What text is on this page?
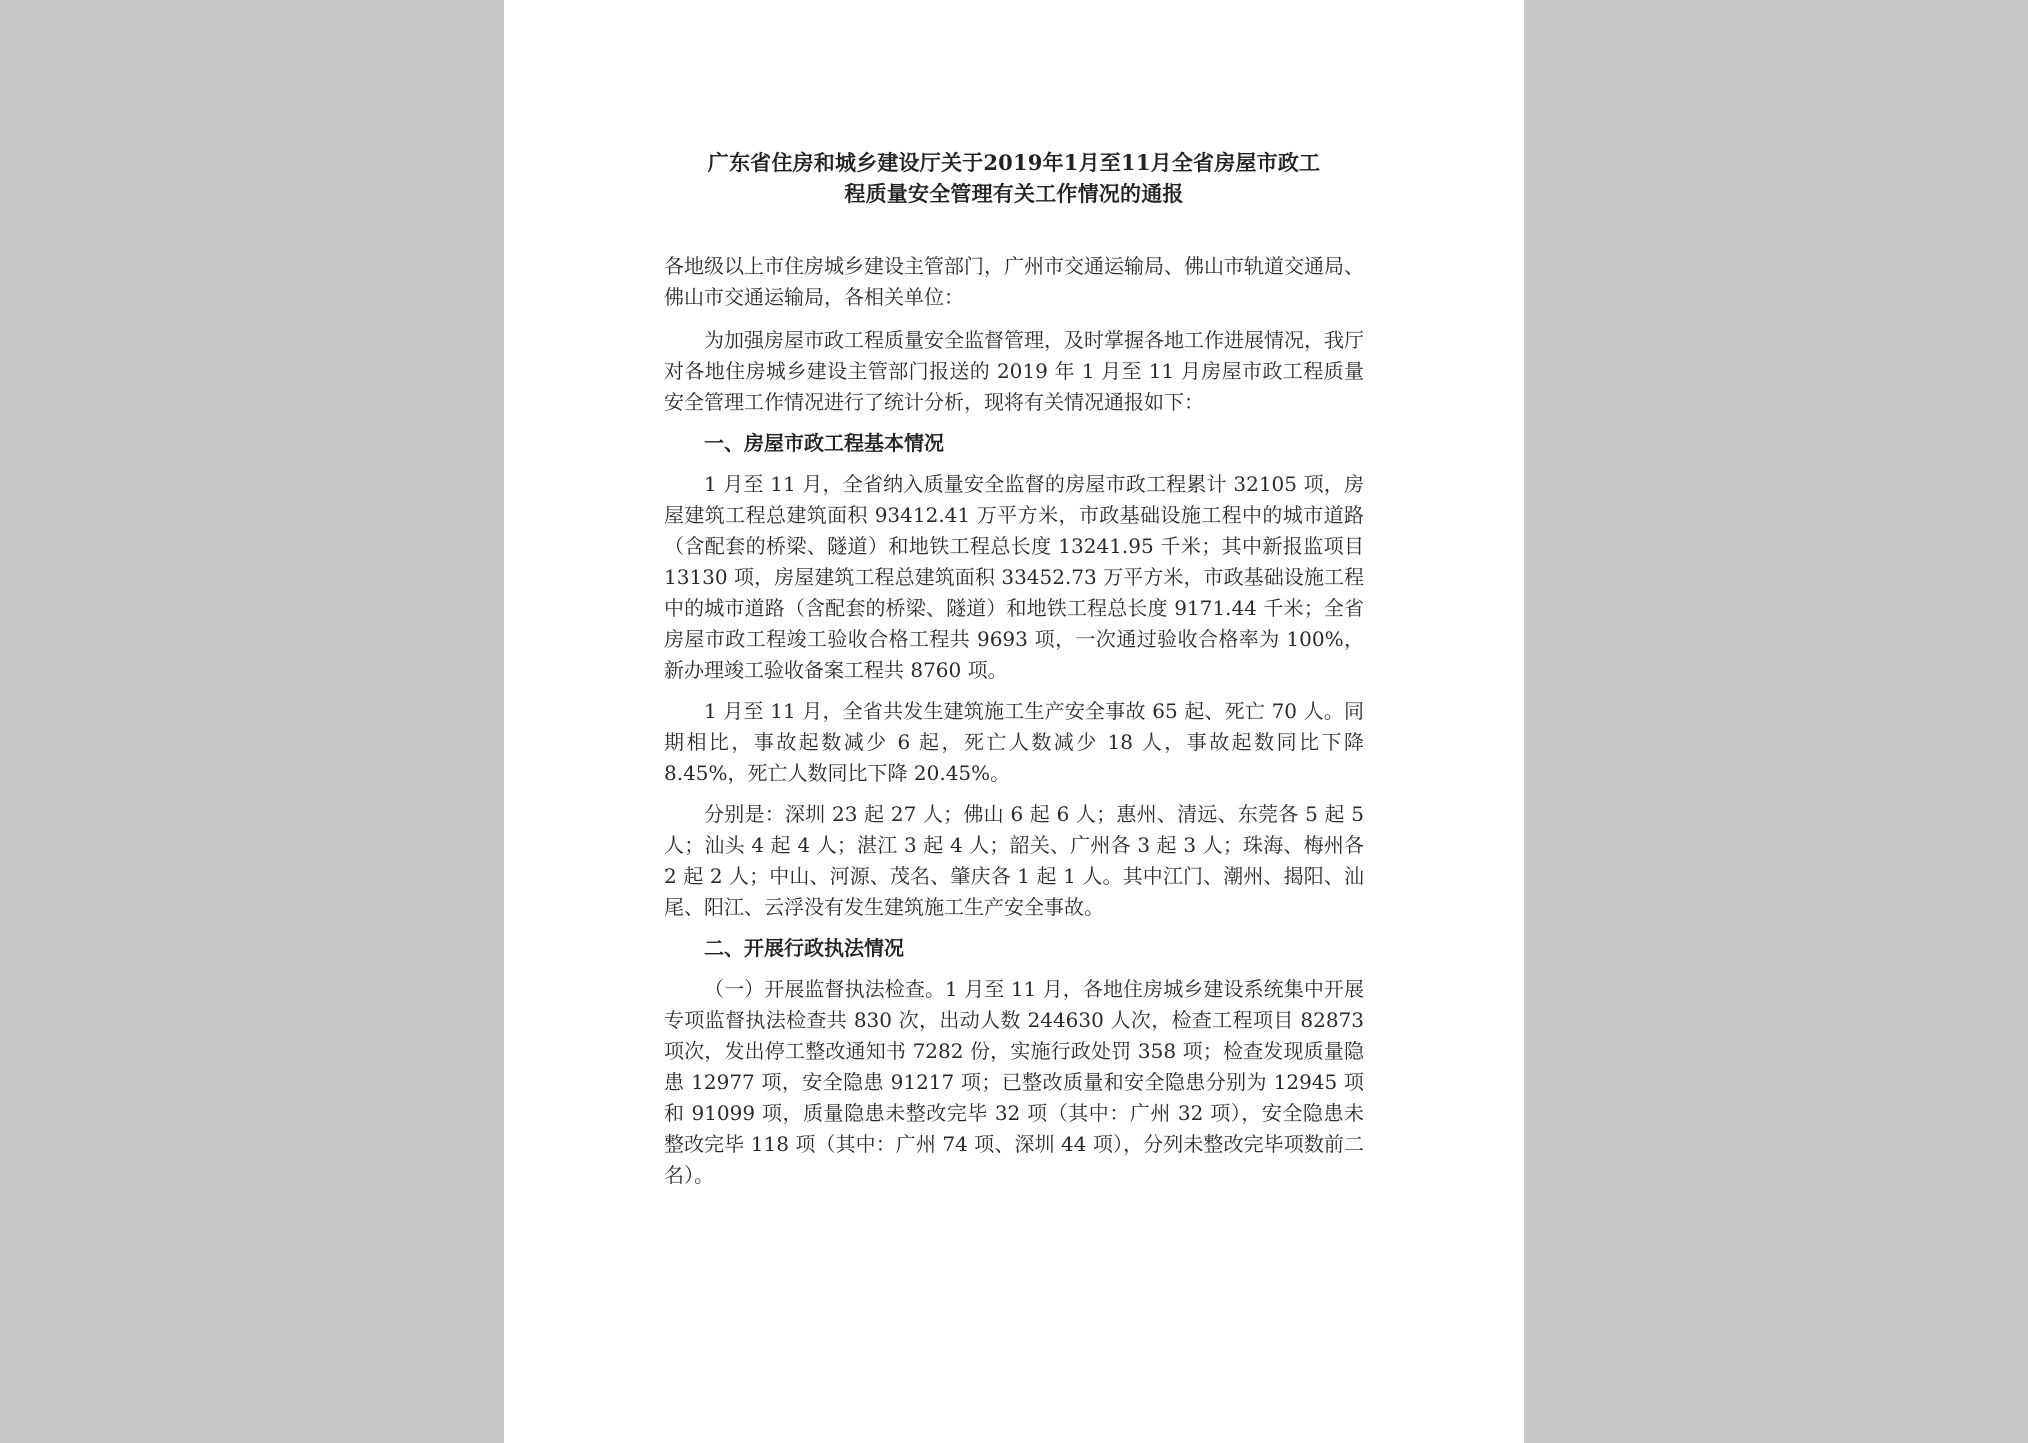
广东省住房和城乡建设厅关于2019年1月至11月全省房屋市政工
程质量安全管理有关工作情况的通报

各地级以上市住房城乡建设主管部门，广州市交通运输局、佛山市轨道交通局、佛山市交通运输局，各相关单位：

为加强房屋市政工程质量安全监督管理，及时掌握各地工作进展情况，我厅对各地住房城乡建设主管部门报送的 2019 年 1 月至 11 月房屋市政工程质量安全管理工作情况进行了统计分析，现将有关情况通报如下：

一、房屋市政工程基本情况

1 月至 11 月，全省纳入质量安全监督的房屋市政工程累计 32105 项，房屋建筑工程总建筑面积 93412.41 万平方米，市政基础设施工程中的城市道路（含配套的桥梁、隧道）和地铁工程总长度 13241.95 千米；其中新报监项目 13130 项，房屋建筑工程总建筑面积 33452.73 万平方米，市政基础设施工程中的城市道路（含配套的桥梁、隧道）和地铁工程总长度 9171.44 千米；全省房屋市政工程竣工验收合格工程共 9693 项，一次通过验收合格率为 100%，新办理竣工验收备案工程共 8760 项。

1 月至 11 月，全省共发生建筑施工生产安全事故 65 起、死亡 70 人。同期相比，事故起数减少 6 起，死亡人数减少 18 人，事故起数同比下降 8.45%，死亡人数同比下降 20.45%。

分别是：深圳 23 起 27 人；佛山 6 起 6 人；惠州、清远、东莞各 5 起 5 人；汕头 4 起 4 人；湛江 3 起 4 人；韶关、广州各 3 起 3 人；珠海、梅州各 2 起 2 人；中山、河源、茂名、肇庆各 1 起 1 人。其中江门、潮州、揭阳、汕尾、阳江、云浮没有发生建筑施工生产安全事故。

二、开展行政执法情况

（一）开展监督执法检查。1 月至 11 月，各地住房城乡建设系统集中开展专项监督执法检查共 830 次，出动人数 244630 人次，检查工程项目 82873 项次，发出停工整改通知书 7282 份，实施行政处罚 358 项；检查发现质量隐患 12977 项，安全隐患 91217 项；已整改质量和安全隐患分别为 12945 项和 91099 项，质量隐患未整改完毕 32 项（其中：广州 32 项），安全隐患未整改完毕 118 项（其中：广州 74 项、深圳 44 项），分列未整改完毕项数前二名）。
